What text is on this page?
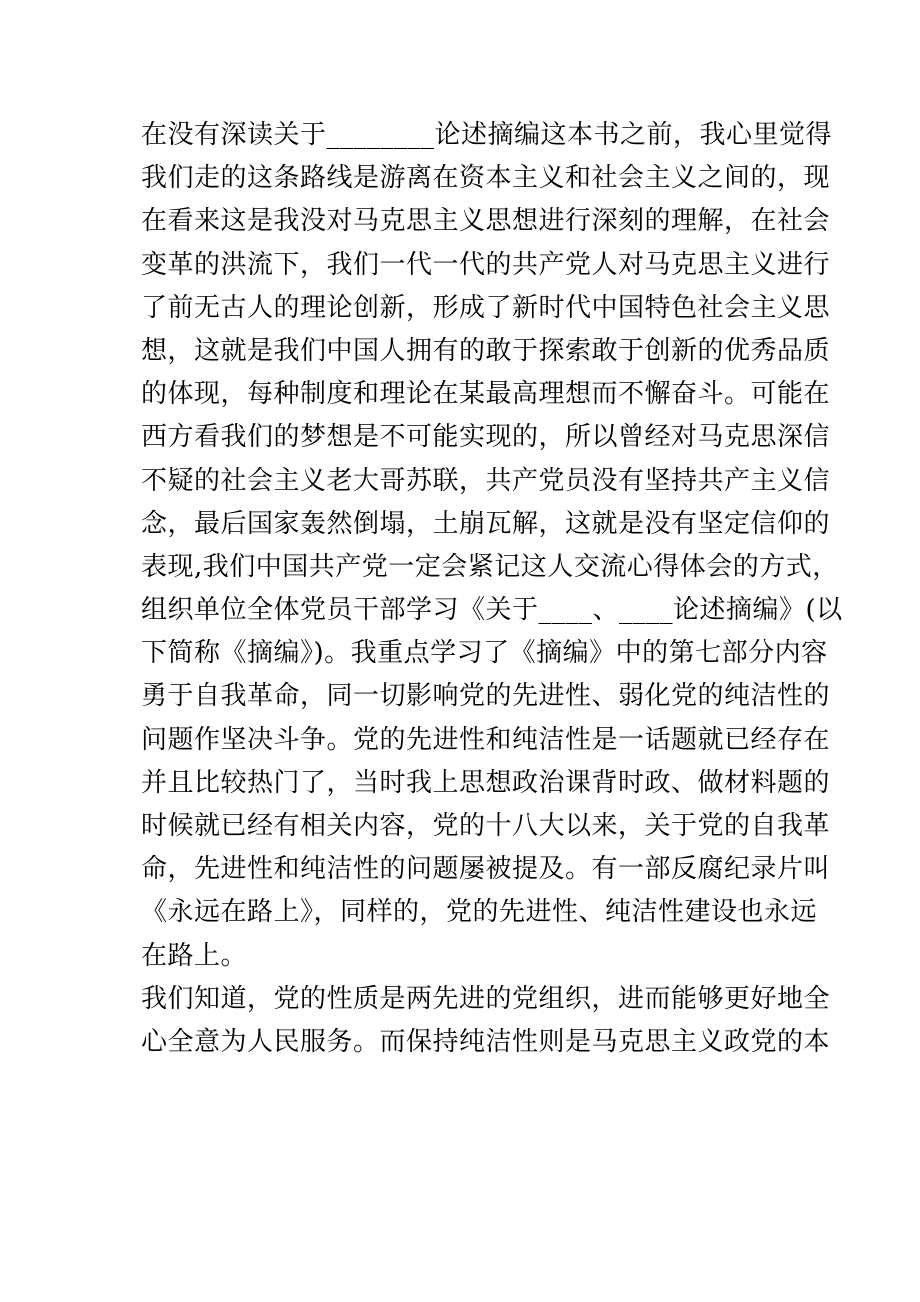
在没有深读关于________论述摘编这本书之前，我心里觉得
我们走的这条路线是游离在资本主义和社会主义之间的，现
在看来这是我没对马克思主义思想进行深刻的理解，在社会
变革的洪流下，我们一代一代的共产党人对马克思主义进行
了前无古人的理论创新，形成了新时代中国特色社会主义思
想，这就是我们中国人拥有的敢于探索敢于创新的优秀品质
的体现，每种制度和理论在某最高理想而不懈奋斗。可能在
西方看我们的梦想是不可能实现的，所以曾经对马克思深信
不疑的社会主义老大哥苏联，共产党员没有坚持共产主义信
念，最后国家轰然倒塌，土崩瓦解，这就是没有坚定信仰的
表现,我们中国共产党一定会紧记这人交流心得体会的方式，
组织单位全体党员干部学习《关于____、____论述摘编》(以
下简称《摘编》)。我重点学习了《摘编》中的第七部分内容
勇于自我革命，同一切影响党的先进性、弱化党的纯洁性的
问题作坚决斗争。党的先进性和纯洁性是一话题就已经存在
并且比较热门了，当时我上思想政治课背时政、做材料题的
时候就已经有相关内容，党的十八大以来，关于党的自我革
命，先进性和纯洁性的问题屡被提及。有一部反腐纪录片叫
《永远在路上》，同样的，党的先进性、纯洁性建设也永远
在路上。
我们知道，党的性质是两先进的党组织，进而能够更好地全
心全意为人民服务。而保持纯洁性则是马克思主义政党的本
